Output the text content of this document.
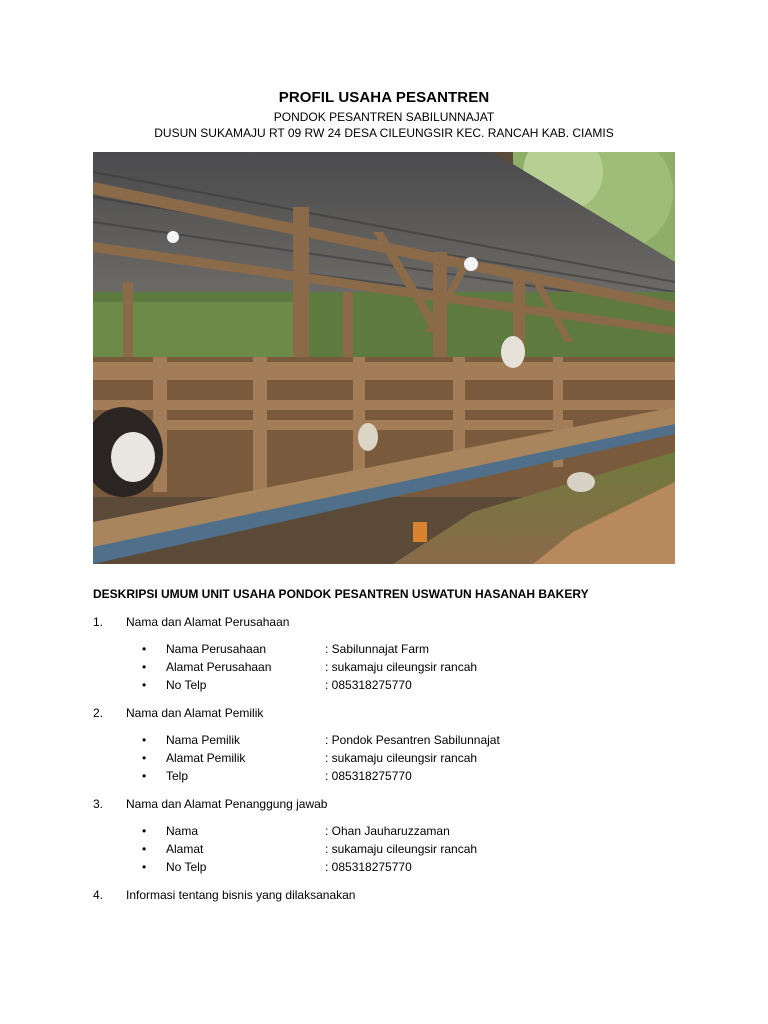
PROFIL USAHA PESANTREN
PONDOK PESANTREN SABILUNNAJAT
DUSUN SUKAMAJU RT 09 RW 24 DESA CILEUNGSIR KEC. RANCAH KAB. CIAMIS
DESKRIPSI UMUM UNIT USAHA PONDOK PESANTREN USWATUN HASANAH BAKERY
1. Nama dan Alamat Perusahaan
• Nama Perusahaan	: Sabilunnajat Farm
• Alamat Perusahaan	: sukamaju cileungsir rancah
• No Telp	: 085318275770
2. Nama dan Alamat Pemilik
• Nama Pemilik	: Pondok Pesantren Sabilunnajat
• Alamat Pemilik	: sukamaju cileungsir rancah
• Telp	: 085318275770
3. Nama dan Alamat Penanggung jawab
• Nama	: Ohan Jauharuzzaman
• Alamat	: sukamaju cileungsir rancah
• No Telp	: 085318275770
4. Informasi tentang bisnis yang dilaksanakan
